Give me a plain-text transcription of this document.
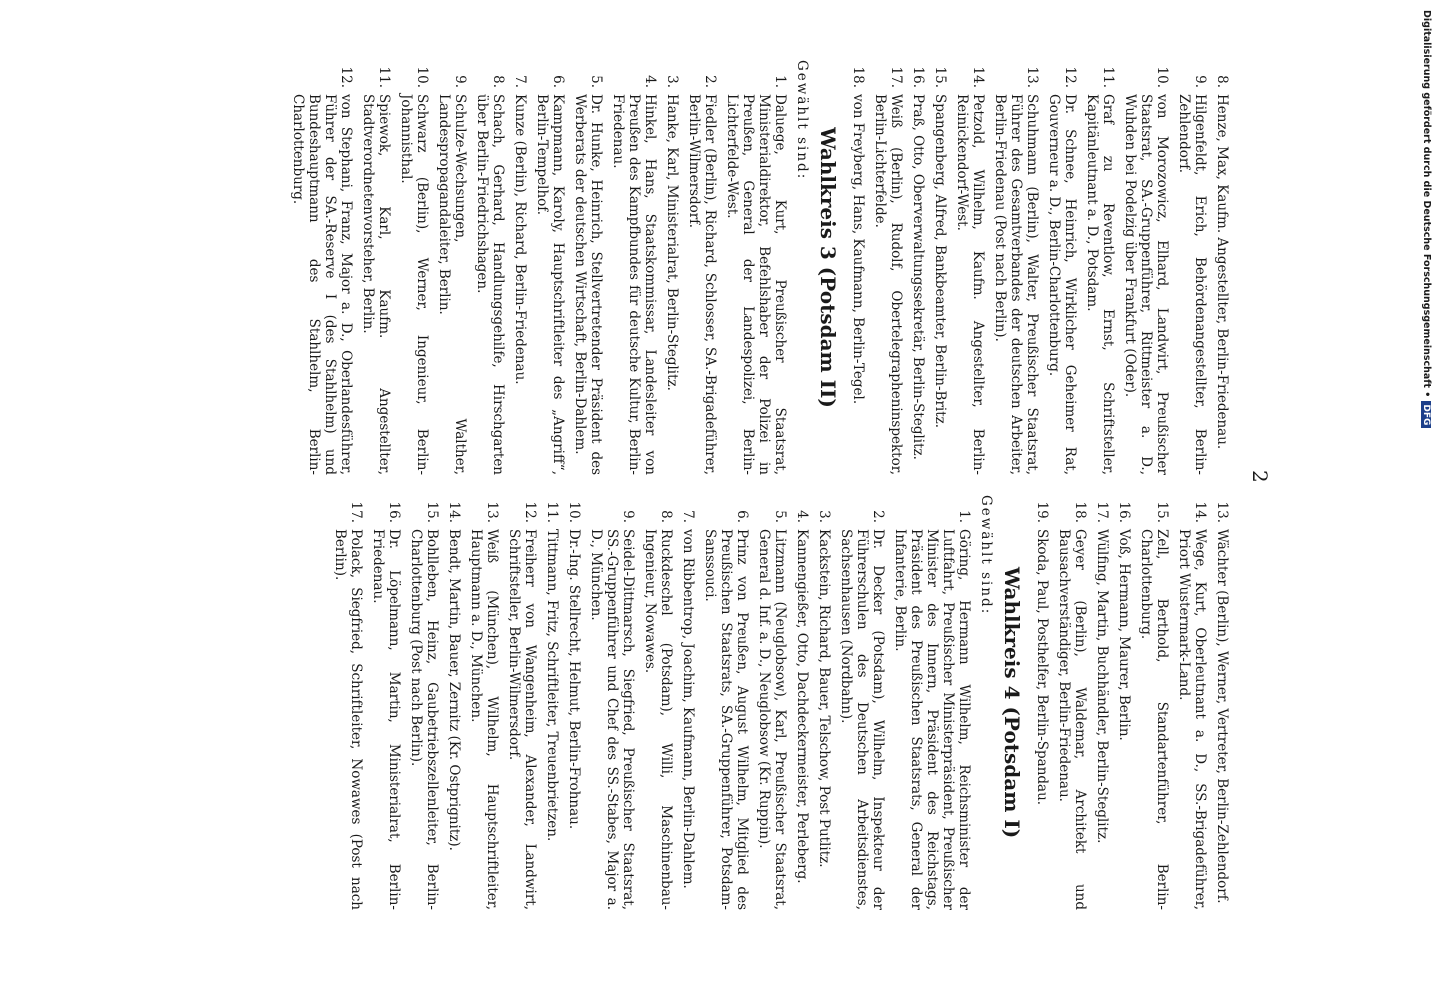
2
8.
Henze, Max, Kaufm. Angestellter, Berlin-Friedenau.
9.
Hilgenfeldt, Erich, Behördenangestellter, Berlin-Zehlendorf.
10.
von Morozowicz, Elhard, Landwirt, Preußischer Staatsrat, SA.-Gruppenführer, Rittmeister a. D., Wuhden bei Podelzig über Frankfurt (Oder).
11.
Graf zu Reventlow, Ernst, Schriftsteller, Kapitänleutnant a. D., Potsdam.
12.
Dr. Schnee, Heinrich, Wirklicher Geheimer Rat, Gouverneur a. D., Berlin-Charlottenburg.
13.
Schuhmann (Berlin), Walter, Preußischer Staatsrat, Führer des Gesamtverbandes der deutschen Arbeiter, Berlin-Friedenau (Post nach Berlin).
14.
Petzold, Wilhelm, Kaufm. Angestellter, Berlin-Reinickendorf-West.
15.
Spangenberg, Alfred, Bankbeamter, Berlin-Britz.
16.
Praß, Otto, Oberverwaltungssekretär, Berlin-Steglitz.
17.
Weiß (Berlin), Rudolf, Obertelegrapheninspektor, Berlin-Lichterfelde.
18.
von Freyberg, Hans, Kaufmann, Berlin-Tegel.
Wahlkreis 3 (Potsdam II)
Gewählt sind:
1.
Daluege, Kurt, Preußischer Staatsrat, Ministerialdirektor, Befehlshaber der Polizei in Preußen, General der Landespolizei, Berlin-Lichterfelde-West.
2.
Fiedler (Berlin), Richard, Schlosser, SA.-Brigadeführer, Berlin-Wilmersdorf.
3.
Hanke, Karl, Ministerialrat, Berlin-Steglitz.
4.
Hinkel, Hans, Staatskommissar, Landesleiter von Preußen des Kampfbundes für deutsche Kultur, Berlin-Friedenau.
5.
Dr. Hunke, Heinrich, Stellvertretender Präsident des Werberats der deutschen Wirtschaft, Berlin-Dahlem.
6.
Kampmann, Karoly, Hauptschriftleiter des „Angriff“, Berlin-Tempelhof.
7.
Kunze (Berlin), Richard, Berlin-Friedenau.
8.
Schach, Gerhard, Handlungsgehilfe, Hirschgarten über Berlin-Friedrichshagen.
9.
Schulze-Wechsungen, Walther, Landespropagandaleiter, Berlin.
10.
Schwarz (Berlin), Werner, Ingenieur, Berlin-Johannisthal.
11.
Spiewok, Karl, Kaufm. Angestellter, Stadtverordnetenvorsteher, Berlin.
12.
von Stephani, Franz, Major a. D., Oberlandesführer, Führer der SA.-Reserve I (des Stahlhelm) und Bundeshauptmann des Stahlhelm, Berlin-Charlottenburg.
13.
Wächter (Berlin), Werner, Vertreter, Berlin-Zehlendorf.
14.
Wege, Kurt, Oberleutnant a. D., SS.-Brigadeführer, Priort Wustermark-Land.
15.
Zell, Berthold, Standartenführer, Berlin-Charlottenburg.
16.
Voß, Hermann, Maurer, Berlin.
17.
Wülfing, Martin, Buchhändler, Berlin-Steglitz.
18.
Geyer (Berlin), Waldemar, Architekt und Bausachverständiger, Berlin-Friedenau.
19.
Skoda, Paul, Posthelfer, Berlin-Spandau.
Wahlkreis 4 (Potsdam I)
Gewählt sind:
1.
Göring, Hermann Wilhelm, Reichsminister der Luftfahrt, Preußischer Ministerpräsident, Preußischer Minister des Innern, Präsident des Reichstags, Präsident des Preußischen Staatsrats, General der Infanterie, Berlin.
2.
Dr. Decker (Potsdam), Wilhelm, Inspekteur der Führerschulen des Deutschen Arbeitsdienstes, Sachsenhausen (Nordbahn).
3.
Kackstein, Richard, Bauer, Telschow, Post Putlitz.
4.
Kannengießer, Otto, Dachdeckermeister, Perleberg.
5.
Litzmann (Neuglobsow), Karl, Preußischer Staatsrat, General d. Inf. a. D., Neuglobsow (Kr. Ruppin).
6.
Prinz von Preußen, August Wilhelm, Mitglied des Preußischen Staatsrats, SA.-Gruppenführer, Potsdam-Sanssouci.
7.
von Ribbentrop, Joachim, Kaufmann, Berlin-Dahlem.
8.
Ruckdeschel (Potsdam), Willi, Maschinenbau-Ingenieur, Nowawes.
9.
Seidel-Dittmarsch, Siegfried, Preußischer Staatsrat, SS.-Gruppenführer und Chef des SS.-Stabes, Major a. D., München.
10.
Dr.-Ing. Stellrecht, Helmut, Berlin-Frohnau.
11.
Tittmann, Fritz, Schriftleiter, Treuenbrietzen.
12.
Freiherr von Wangenheim, Alexander, Landwirt, Schriftsteller, Berlin-Wilmersdorf.
13.
Weiß (München), Wilhelm, Hauptschriftleiter, Hauptmann a. D., München.
14.
Bendt, Martin, Bauer, Zernitz (Kr. Ostprignitz).
15.
Bohlleben, Heinz, Gaubetriebszellenleiter, Berlin-Charlottenburg (Post nach Berlin).
16.
Dr. Löpelmann, Martin, Ministerialrat, Berlin-Friedenau.
17.
Polack, Siegfried, Schriftleiter, Nowawes (Post nach Berlin).
Digitalisierung gefördert durch die Deutsche Forschungsgemeinschaft •DFG
